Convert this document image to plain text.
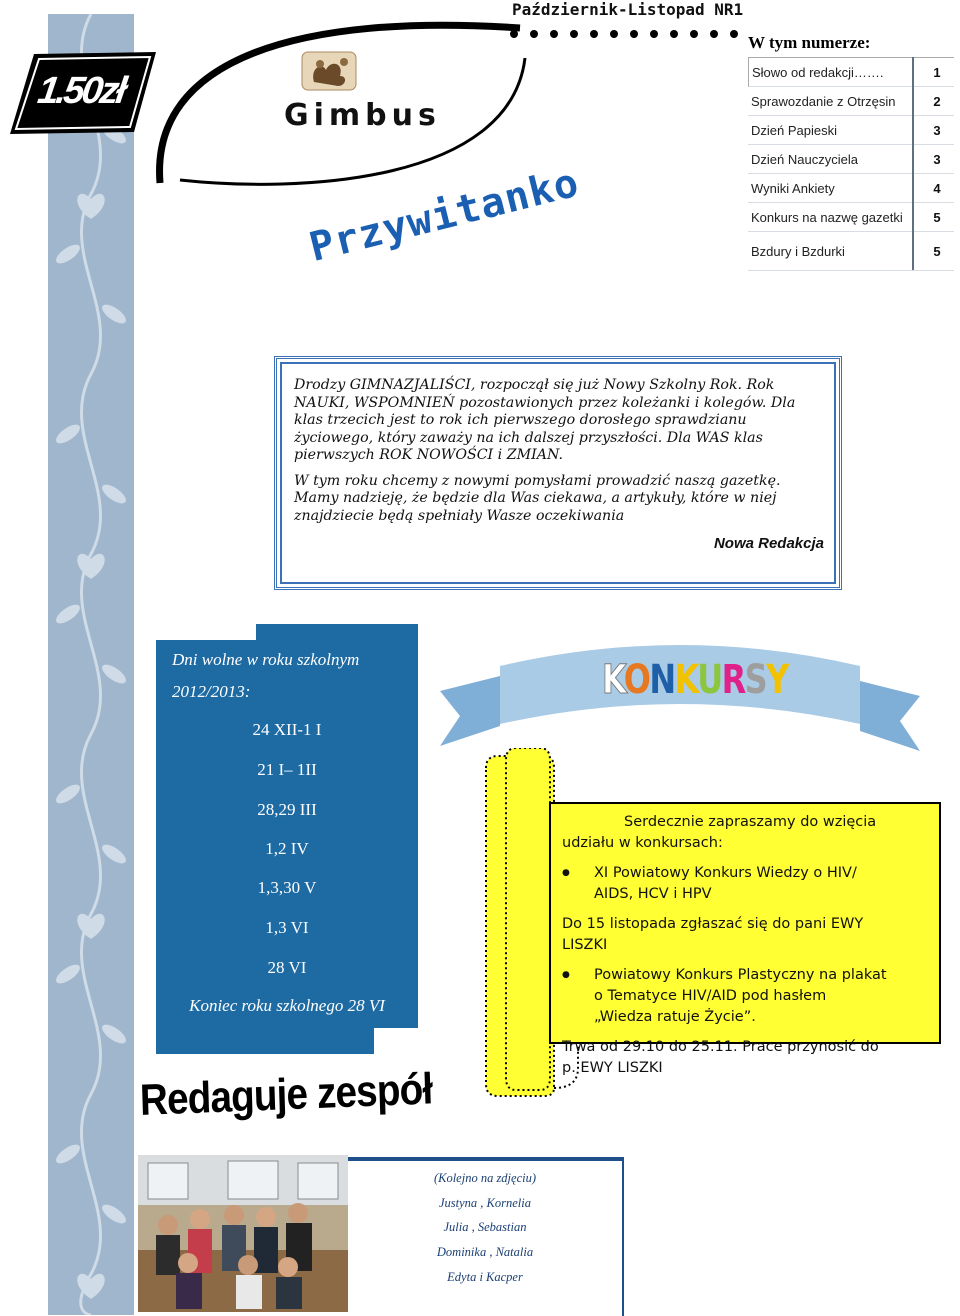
1.50zł
Gimbus
Październik-Listopad NR1
W tym numerze:
Słowo od redakcji…….	1
Sprawozdanie z Otrzęsin	2
Dzień Papieski	3
Dzień Nauczyciela	3
Wyniki Ankiety	4
Konkurs na nazwę gazetki	5
Bzdury i Bzdurki	5
Przywitanko

Drodzy GIMNAZJALIŚCI, rozpoczął się już Nowy Szkolny Rok. Rok NAUKI, WSPOMNIEŃ pozostawionych przez koleżanki i kolegów. Dla klas trzecich jest to rok ich pierwszego dorosłego sprawdzianu życiowego, który zaważy na ich dalszej przyszłości. Dla WAS klas pierwszych ROK NOWOŚCI i ZMIAN.

W tym roku chcemy z nowymi pomysłami prowadzić naszą gazetkę. Mamy nadzieję, że będzie dla Was ciekawa, a artykuły, które w niej znajdziecie będą spełniały Wasze oczekiwania

Nowa Redakcja

Dni wolne w roku szkolnym
2012/2013:
24 XII-1 I
21 I– 1II
28,29 III
1,2 IV
1,3,30 V
1,3 VI
28 VI
Koniec roku szkolnego 28 VI
KONKURSY

Serdecznie zapraszamy do wzięcia udziału w konkursach:

● XI Powiatowy Konkurs Wiedzy o HIV/ AIDS, HCV i HPV

Do 15 listopada zgłaszać się do pani EWY LISZKI

● Powiatowy Konkurs Plastyczny na plakat o Tematyce HIV/AID pod hasłem „Wiedza ratuje Życie”.

Trwa od 29.10 do 25.11. Prace przynosić do p. EWY LISZKI

Redaguje zespół
(Kolejno na zdjęciu)
Justyna , Kornelia
Julia , Sebastian
Dominika , Natalia
Edyta i Kacper
